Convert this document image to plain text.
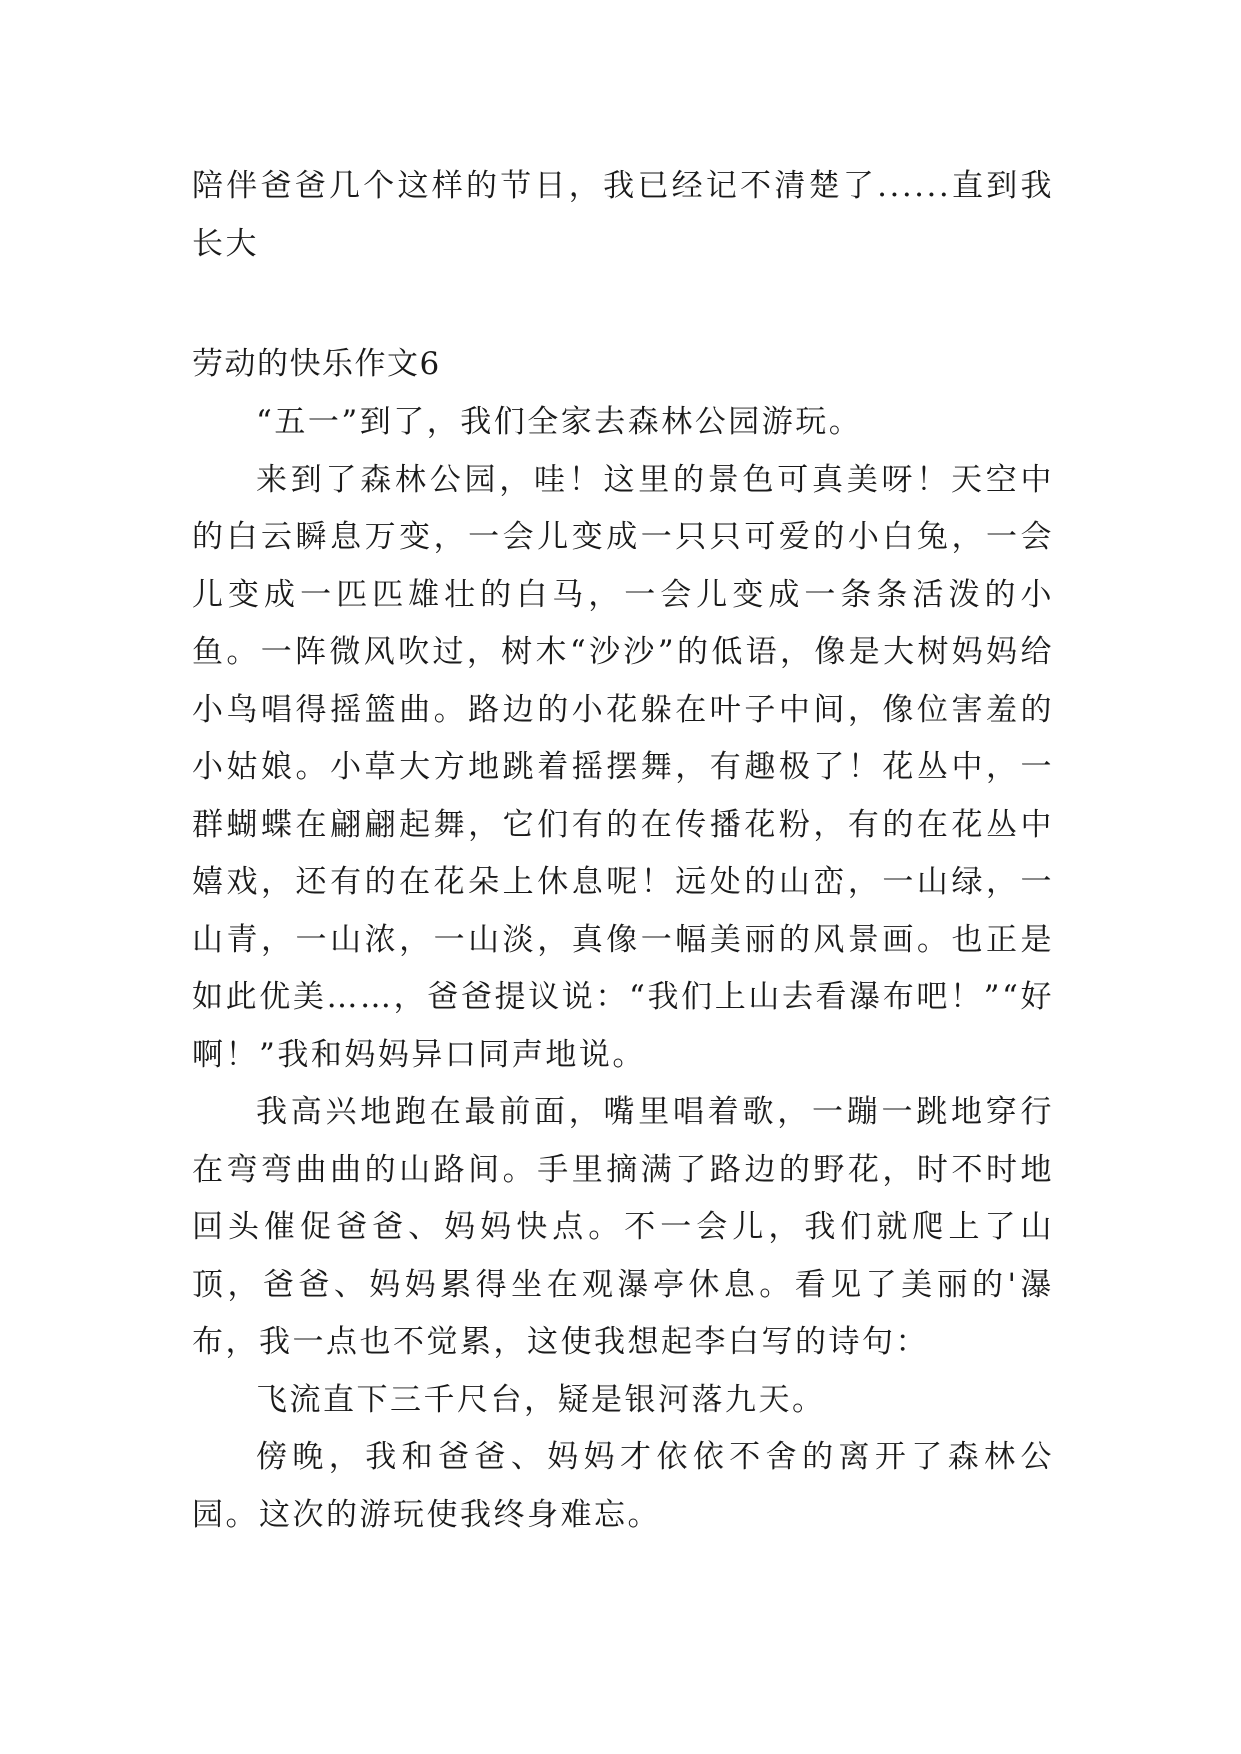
陪伴爸爸几个这样的节日，我已经记不清楚了......直到我长大

劳动的快乐作文6

“五一”到了，我们全家去森林公园游玩。

来到了森林公园，哇！这里的景色可真美呀！天空中的白云瞬息万变，一会儿变成一只只可爱的小白兔，一会儿变成一匹匹雄壮的白马，一会儿变成一条条活泼的小鱼。一阵微风吹过，树木“沙沙”的低语，像是大树妈妈给小鸟唱得摇篮曲。路边的小花躲在叶子中间，像位害羞的小姑娘。小草大方地跳着摇摆舞，有趣极了！花丛中，一群蝴蝶在翩翩起舞，它们有的在传播花粉，有的在花丛中嬉戏，还有的在花朵上休息呢！远处的山峦，一山绿，一山青，一山浓，一山淡，真像一幅美丽的风景画。也正是如此优美……，爸爸提议说：“我们上山去看瀑布吧！”“好啊！”我和妈妈异口同声地说。

我高兴地跑在最前面，嘴里唱着歌，一蹦一跳地穿行在弯弯曲曲的山路间。手里摘满了路边的野花，时不时地回头催促爸爸、妈妈快点。不一会儿，我们就爬上了山顶，爸爸、妈妈累得坐在观瀑亭休息。看见了美丽的'瀑布，我一点也不觉累，这使我想起李白写的诗句：

飞流直下三千尺台，疑是银河落九天。

傍晚，我和爸爸、妈妈才依依不舍的离开了森林公园。这次的游玩使我终身难忘。
